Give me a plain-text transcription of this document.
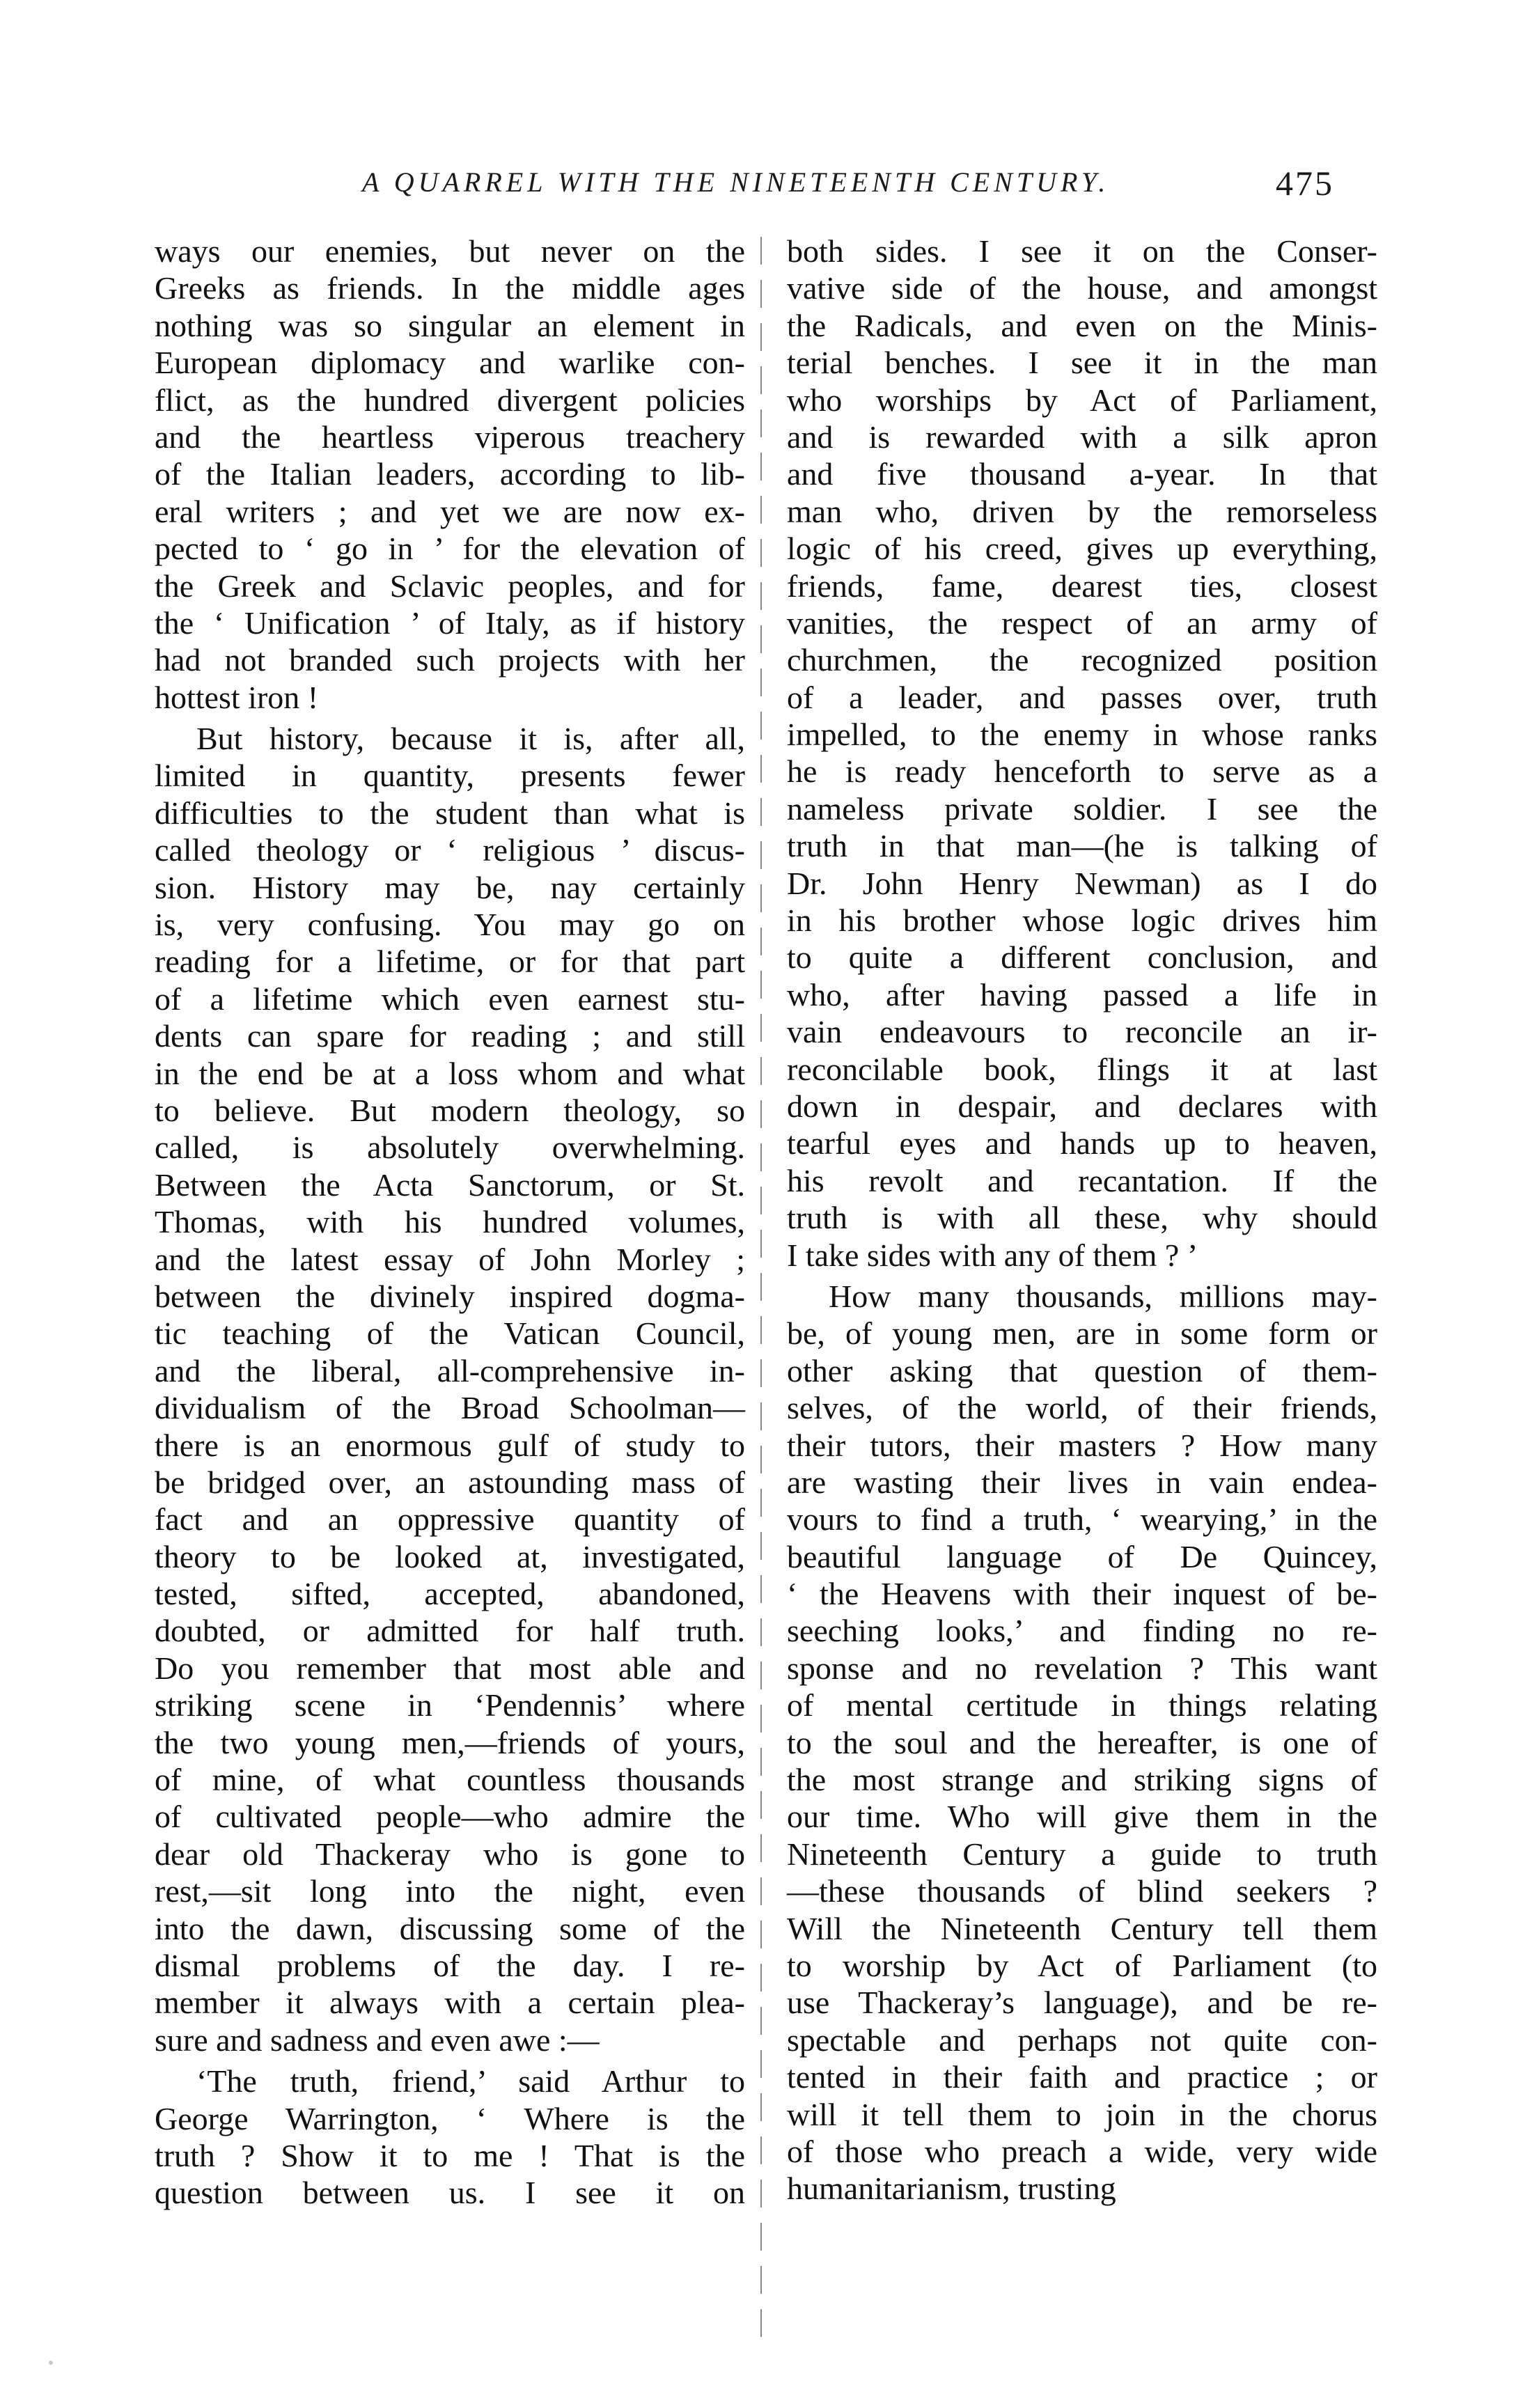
A QUARREL WITH THE NINETEENTH CENTURY.	475
ways our enemies, but never on the
Greeks as friends. In the middle ages
nothing was so singular an element in
European diplomacy and warlike con-
flict, as the hundred divergent policies
and the heartless viperous treachery
of the Italian leaders, according to lib-
eral writers ; and yet we are now ex-
pected to ‘ go in ’ for the elevation of
the Greek and Sclavic peoples, and for
the ‘ Unification ’ of Italy, as if history
had not branded such projects with her
hottest iron !
But history, because it is, after all,
limited in quantity, presents fewer
difficulties to the student than what is
called theology or ‘ religious ’ discus-
sion. History may be, nay certainly
is, very confusing. You may go on
reading for a lifetime, or for that part
of a lifetime which even earnest stu-
dents can spare for reading ; and still
in the end be at a loss whom and what
to believe. But modern theology, so
called, is absolutely overwhelming.
Between the Acta Sanctorum, or St.
Thomas, with his hundred volumes,
and the latest essay of John Morley ;
between the divinely inspired dogma-
tic teaching of the Vatican Council,
and the liberal, all-comprehensive in-
dividualism of the Broad Schoolman—
there is an enormous gulf of study to
be bridged over, an astounding mass of
fact and an oppressive quantity of
theory to be looked at, investigated,
tested, sifted, accepted, abandoned,
doubted, or admitted for half truth.
Do you remember that most able and
striking scene in ‘Pendennis’ where
the two young men,—friends of yours,
of mine, of what countless thousands
of cultivated people—who admire the
dear old Thackeray who is gone to
rest,—sit long into the night, even
into the dawn, discussing some of the
dismal problems of the day. I re-
member it always with a certain plea-
sure and sadness and even awe :—
‘The truth, friend,’ said Arthur to
George Warrington, ‘ Where is the
truth ? Show it to me ! That is the
question between us. I see it on
both sides. I see it on the Conser-
vative side of the house, and amongst
the Radicals, and even on the Minis-
terial benches. I see it in the man
who worships by Act of Parliament,
and is rewarded with a silk apron
and five thousand a-year. In that
man who, driven by the remorseless
logic of his creed, gives up everything,
friends, fame, dearest ties, closest
vanities, the respect of an army of
churchmen, the recognized position
of a leader, and passes over, truth
impelled, to the enemy in whose ranks
he is ready henceforth to serve as a
nameless private soldier. I see the
truth in that man—(he is talking of
Dr. John Henry Newman) as I do
in his brother whose logic drives him
to quite a different conclusion, and
who, after having passed a life in
vain endeavours to reconcile an ir-
reconcilable book, flings it at last
down in despair, and declares with
tearful eyes and hands up to heaven,
his revolt and recantation. If the
truth is with all these, why should
I take sides with any of them ? ’
How many thousands, millions may-
be, of young men, are in some form or
other asking that question of them-
selves, of the world, of their friends,
their tutors, their masters ? How many
are wasting their lives in vain endea-
vours to find a truth, ‘ wearying,’ in the
beautiful language of De Quincey,
‘ the Heavens with their inquest of be-
seeching looks,’ and finding no re-
sponse and no revelation ? This want
of mental certitude in things relating
to the soul and the hereafter, is one of
the most strange and striking signs of
our time. Who will give them in the
Nineteenth Century a guide to truth
—these thousands of blind seekers ?
Will the Nineteenth Century tell them
to worship by Act of Parliament (to
use Thackeray’s language), and be re-
spectable and perhaps not quite con-
tented in their faith and practice ; or
will it tell them to join in the chorus
of those who preach a wide, very wide
humanitarianism, trusting
